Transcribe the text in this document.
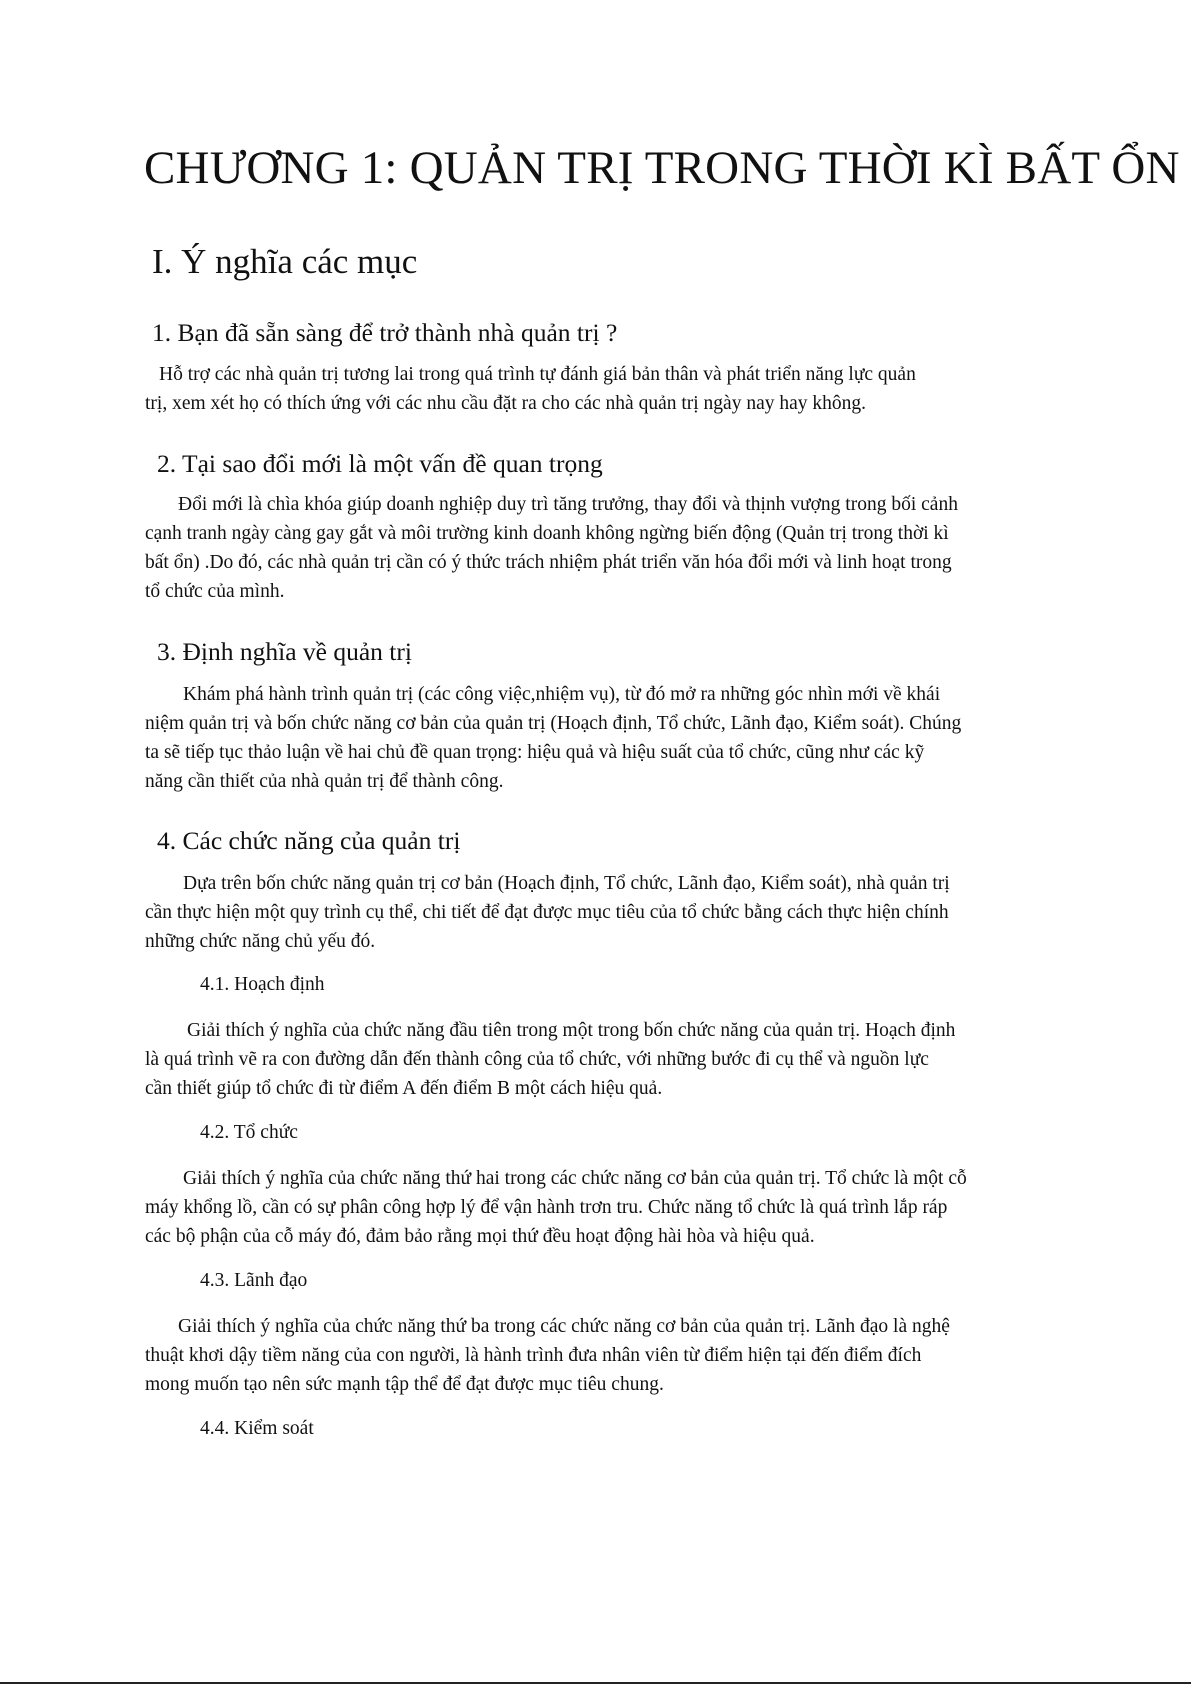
CHƯƠNG 1: QUẢN TRỊ TRONG THỜI KÌ BẤT ỔN
I. Ý nghĩa các mục
1. Bạn đã sẵn sàng để trở thành nhà quản trị ?

Hỗ trợ các nhà quản trị tương lai trong quá trình tự đánh giá bản thân và phát triển năng lực quản
trị, xem xét họ có thích ứng với các nhu cầu đặt ra cho các nhà quản trị ngày nay hay không.

2. Tại sao đổi mới là một vấn đề quan trọng

Đổi mới là chìa khóa giúp doanh nghiệp duy trì tăng trưởng, thay đổi và thịnh vượng trong bối cảnh
cạnh tranh ngày càng gay gắt và môi trường kinh doanh không ngừng biến động (Quản trị trong thời kì
bất ổn) .Do đó, các nhà quản trị cần có ý thức trách nhiệm phát triển văn hóa đổi mới và linh hoạt trong
tổ chức của mình.

3. Định nghĩa về quản trị

Khám phá hành trình quản trị (các công việc,nhiệm vụ), từ đó mở ra những góc nhìn mới về khái
niệm quản trị và bốn chức năng cơ bản của quản trị (Hoạch định, Tổ chức, Lãnh đạo, Kiểm soát). Chúng
ta sẽ tiếp tục thảo luận về hai chủ đề quan trọng: hiệu quả và hiệu suất của tổ chức, cũng như các kỹ
năng cần thiết của nhà quản trị để thành công.

4. Các chức năng của quản trị

Dựa trên bốn chức năng quản trị cơ bản (Hoạch định, Tổ chức, Lãnh đạo, Kiểm soát), nhà quản trị
cần thực hiện một quy trình cụ thể, chi tiết để đạt được mục tiêu của tổ chức bằng cách thực hiện chính
những chức năng chủ yếu đó.

4.1. Hoạch định

Giải thích ý nghĩa của chức năng đầu tiên trong một trong bốn chức năng của quản trị. Hoạch định
là quá trình vẽ ra con đường dẫn đến thành công của tổ chức, với những bước đi cụ thể và nguồn lực
cần thiết giúp tổ chức đi từ điểm A đến điểm B một cách hiệu quả.

4.2. Tổ chức

Giải thích ý nghĩa của chức năng thứ hai trong các chức năng cơ bản của quản trị. Tổ chức là một cỗ
máy khổng lồ, cần có sự phân công hợp lý để vận hành trơn tru. Chức năng tổ chức là quá trình lắp ráp
các bộ phận của cỗ máy đó, đảm bảo rằng mọi thứ đều hoạt động hài hòa và hiệu quả.

4.3. Lãnh đạo

Giải thích ý nghĩa của chức năng thứ ba trong các chức năng cơ bản của quản trị. Lãnh đạo là nghệ
thuật khơi dậy tiềm năng của con người, là hành trình đưa nhân viên từ điểm hiện tại đến điểm đích
mong muốn tạo nên sức mạnh tập thể để đạt được mục tiêu chung.

4.4. Kiểm soát
